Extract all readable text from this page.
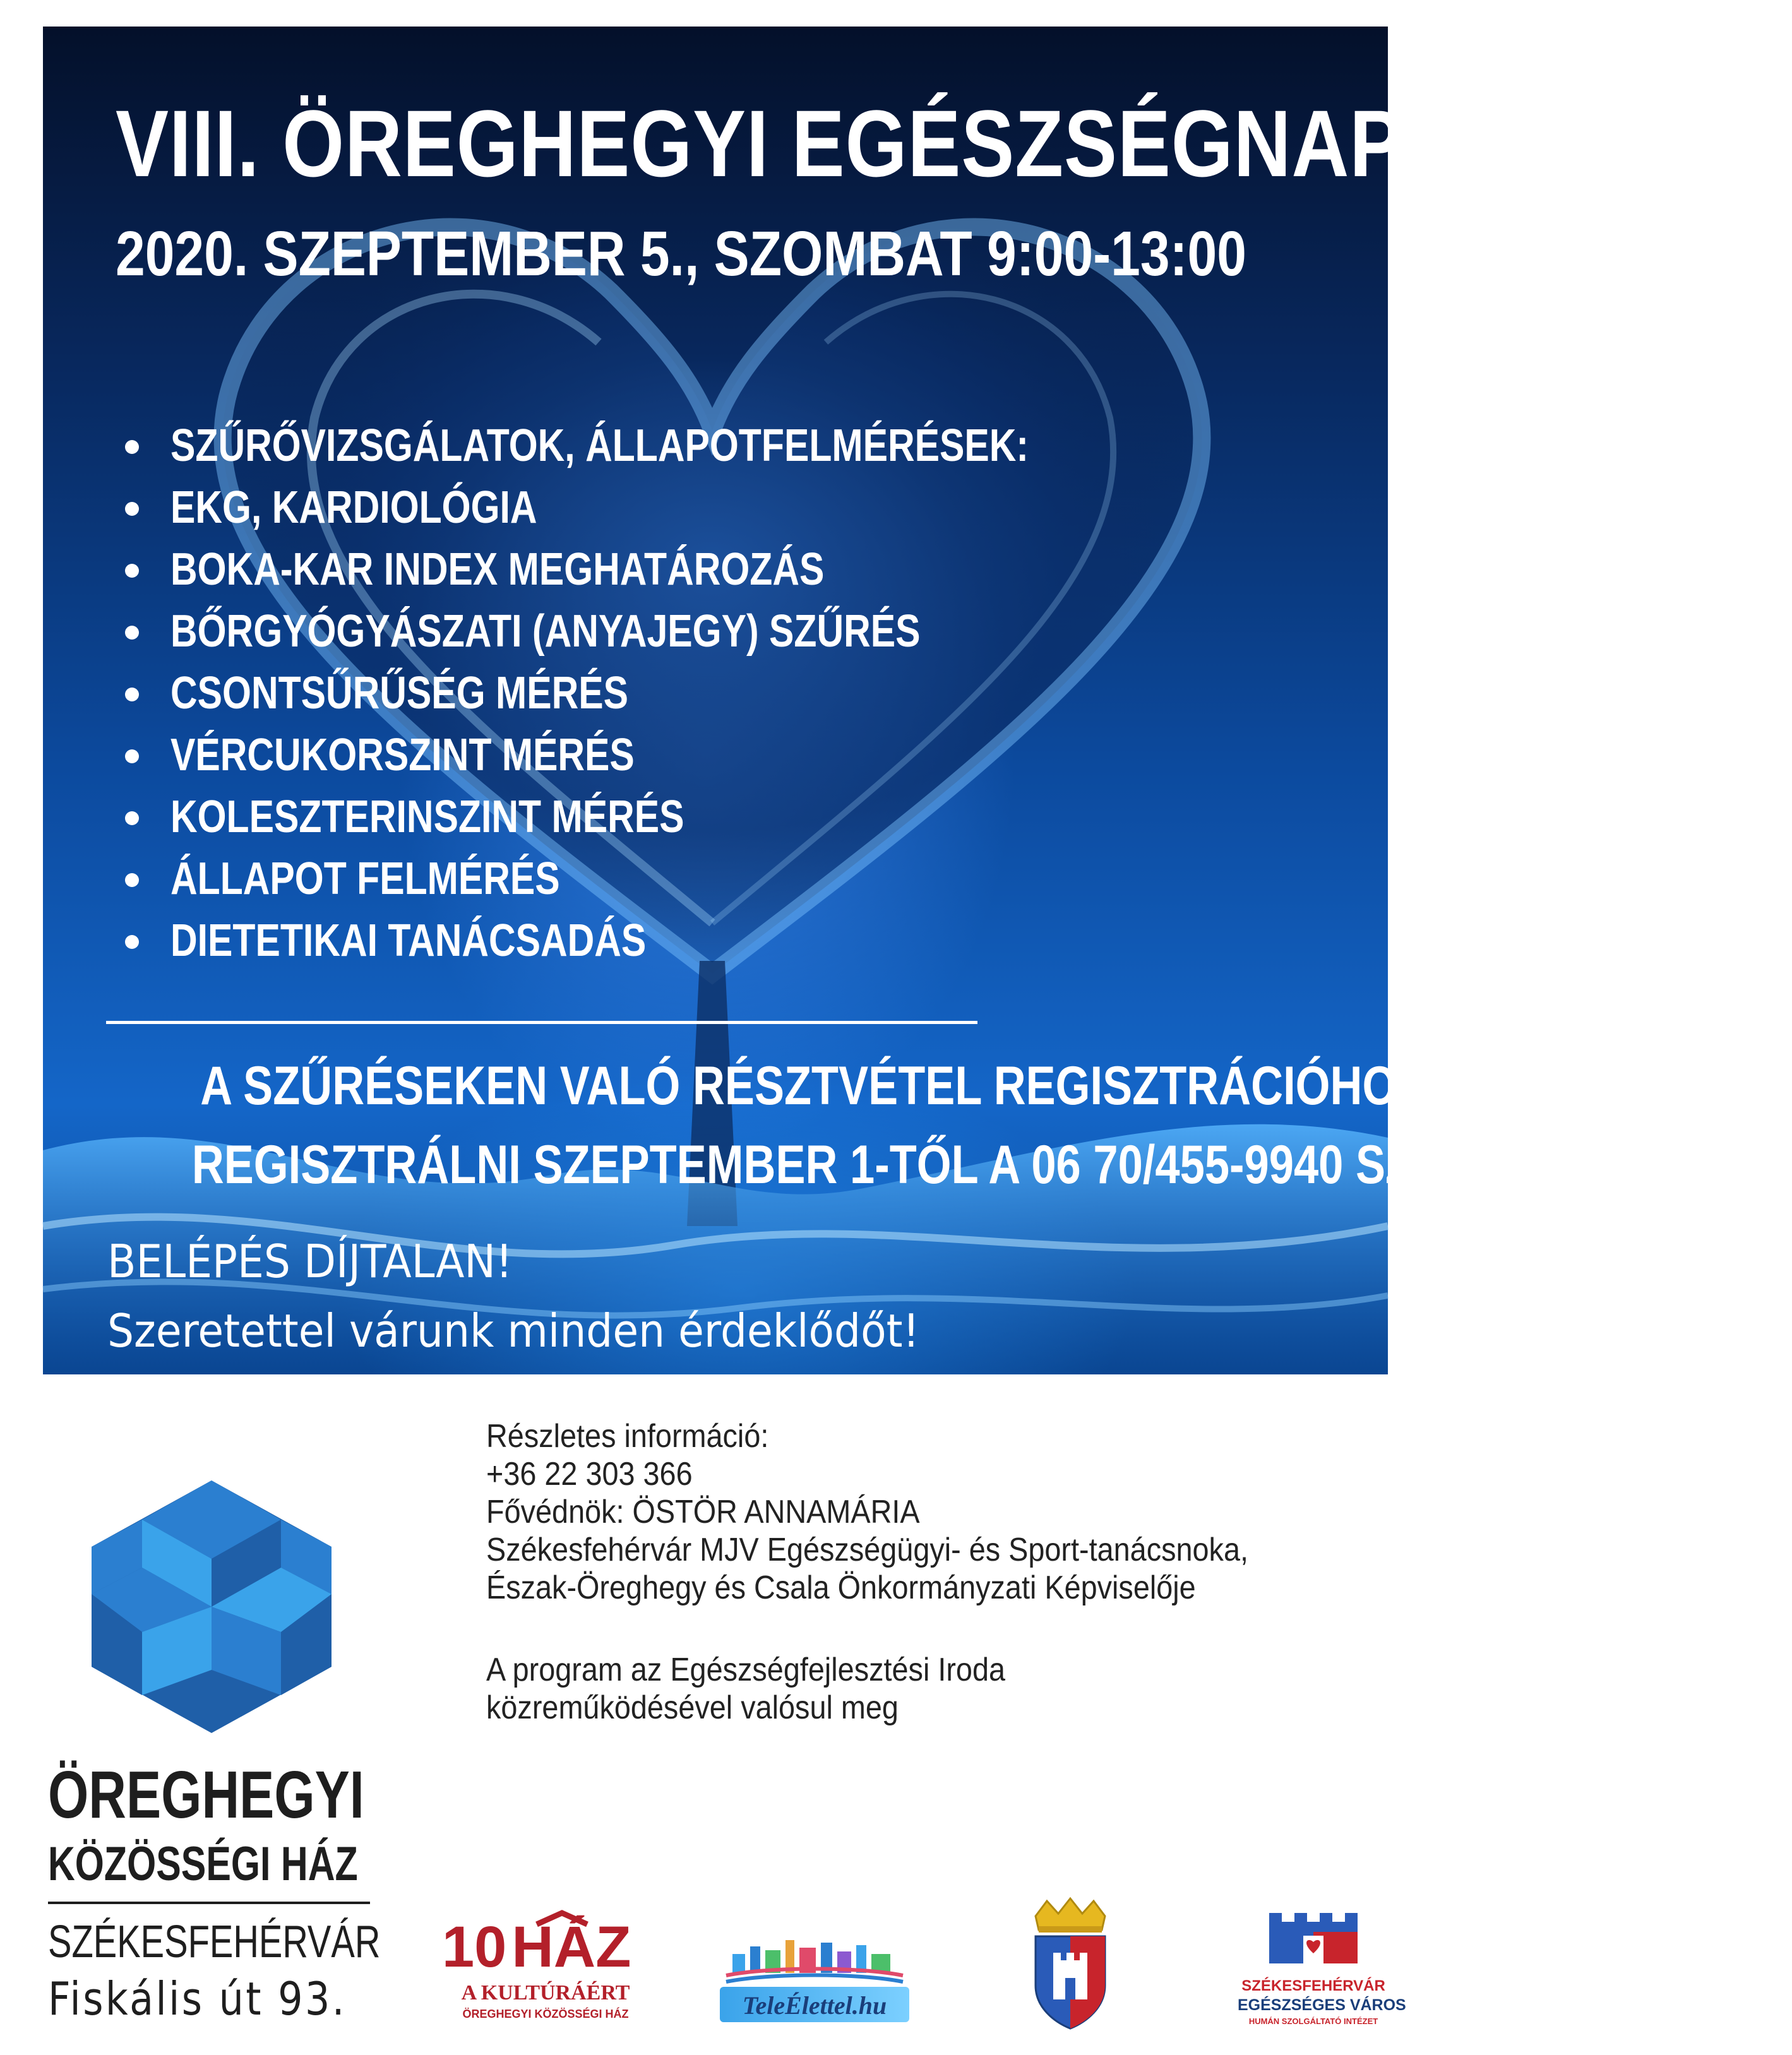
VIII. ÖREGHEGYI EGÉSZSÉGNAP
2020. SZEPTEMBER 5., SZOMBAT 9:00-13:00
SZŰRŐVIZSGÁLATOK, ÁLLAPOTFELMÉRÉSEK:
EKG, KARDIOLÓGIA
BOKA-KAR INDEX MEGHATÁROZÁS
BŐRGYÓGYÁSZATI (ANYAJEGY) SZŰRÉS
CSONTSŰRŰSÉG MÉRÉS
VÉRCUKORSZINT MÉRÉS
KOLESZTERINSZINT MÉRÉS
ÁLLAPOT FELMÉRÉS
DIETETIKAI TANÁCSADÁS

A SZŰRÉSEKEN VALÓ RÉSZTVÉTEL REGISZTRÁCIÓHOZ KÖTÖTT!

REGISZTRÁLNI SZEPTEMBER 1-TŐL A 06 70/455-9940 SZÁMON

BELÉPÉS DÍJTALAN!

Szeretettel várunk minden érdeklődőt!

Részletes információ:

+36 22 303 366

Fővédnök: ÖSTÖR ANNAMÁRIA

Székesfehérvár MJV Egészségügyi- és Sport-tanácsnoka,

Észak-Öreghegy és Csala Önkormányzati Képviselője

A program az Egészségfejlesztési Iroda

közreműködésével valósul meg

ÖREGHEGYI

KÖZÖSSÉGI HÁZ

SZÉKESFEHÉRVÁR

Fiskális út 93.

10HÁZ
A KULTÚRÁÉRT
ÖREGHEGYI KÖZÖSSÉGI HÁZ	TeleÉlettel.hu
SZÉKESFEHÉRVÁR
EGÉSZSÉGES VÁROS
HUMÁN SZOLGÁLTATÓ INTÉZET
